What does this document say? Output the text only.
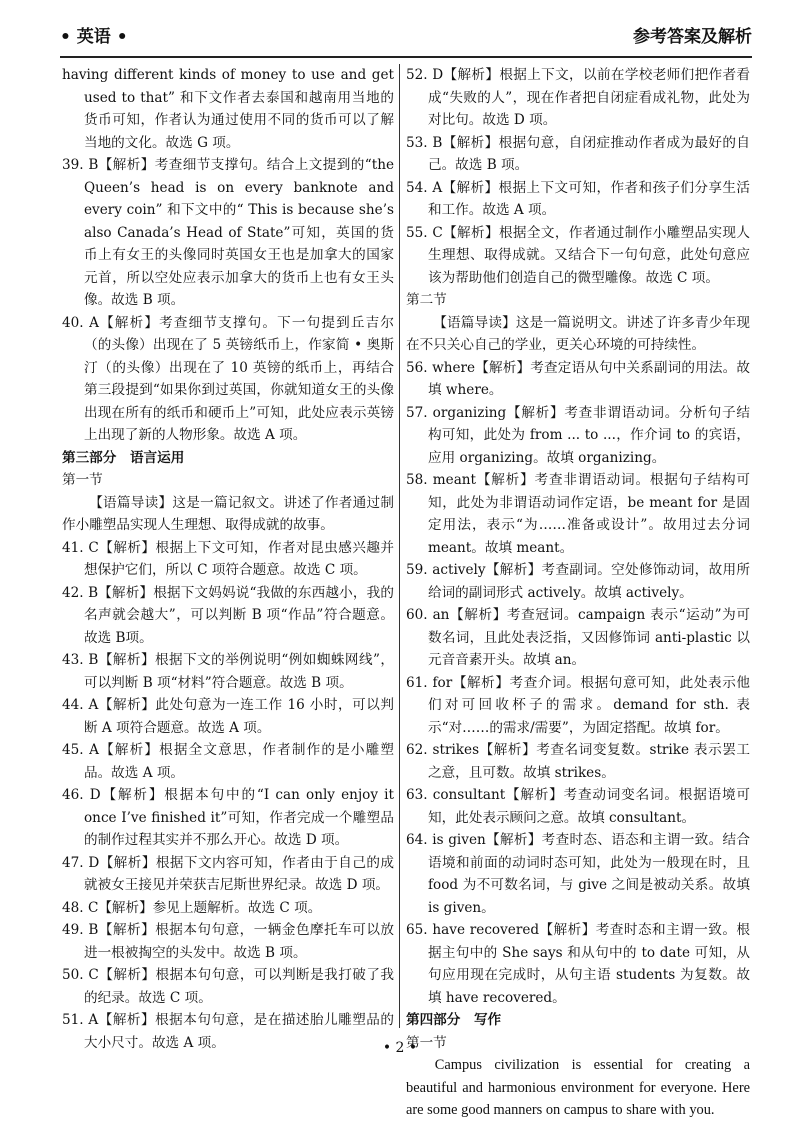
• 英语 •	参考答案及解析

having different kinds of money to use and get used to that” 和下文作者去泰国和越南用当地的货币可知，作者认为通过使用不同的货币可以了解当地的文化。故选 G 项。

39. B【解析】考查细节支撑句。结合上文提到的“the Queen’s head is on every banknote and every coin” 和下文中的“ This is because she’s also Canada’s Head of State”可知，英国的货币上有女王的头像同时英国女王也是加拿大的国家元首，所以空处应表示加拿大的货币上也有女王头像。故选 B 项。

40. A【解析】考查细节支撑句。下一句提到丘吉尔（的头像）出现在了 5 英镑纸币上，作家简 • 奥斯汀（的头像）出现在了 10 英镑的纸币上，再结合第三段提到“如果你到过英国，你就知道女王的头像出现在所有的纸币和硬币上”可知，此处应表示英镑上出现了新的人物形象。故选 A 项。

第三部分　语言运用

第一节

【语篇导读】这是一篇记叙文。讲述了作者通过制作小雕塑品实现人生理想、取得成就的故事。

41. C【解析】根据上下文可知，作者对昆虫感兴趣并想保护它们，所以 C 项符合题意。故选 C 项。

42. B【解析】根据下文妈妈说“我做的东西越小，我的名声就会越大”，可以判断 B 项“作品”符合题意。故选 B项。

43. B【解析】根据下文的举例说明“例如蜘蛛网线”，可以判断 B 项“材料”符合题意。故选 B 项。

44. A【解析】此处句意为一连工作 16 小时，可以判断 A 项符合题意。故选 A 项。

45. A【解析】根据全文意思，作者制作的是小雕塑品。故选 A 项。

46. D【解析】根据本句中的“I can only enjoy it once I’ve finished it”可知，作者完成一个雕塑品的制作过程其实并不那么开心。故选 D 项。

47. D【解析】根据下文内容可知，作者由于自己的成就被女王接见并荣获吉尼斯世界纪录。故选 D 项。

48. C【解析】参见上题解析。故选 C 项。

49. B【解析】根据本句句意，一辆金色摩托车可以放进一根被掏空的头发中。故选 B 项。

50. C【解析】根据本句句意，可以判断是我打破了我的纪录。故选 C 项。

51. A【解析】根据本句句意，是在描述胎儿雕塑品的大小尺寸。故选 A 项。

52. D【解析】根据上下文，以前在学校老师们把作者看成“失败的人”，现在作者把自闭症看成礼物，此处为对比句。故选 D 项。

53. B【解析】根据句意，自闭症推动作者成为最好的自己。故选 B 项。

54. A【解析】根据上下文可知，作者和孩子们分享生活和工作。故选 A 项。

55. C【解析】根据全文，作者通过制作小雕塑品实现人生理想、取得成就。又结合下一句句意，此处句意应该为帮助他们创造自己的微型雕像。故选 C 项。

第二节

【语篇导读】这是一篇说明文。讲述了许多青少年现在不只关心自己的学业，更关心环境的可持续性。

56. where【解析】考查定语从句中关系副词的用法。故填 where。

57. organizing【解析】考查非谓语动词。分析句子结构可知，此处为 from ... to ...，作介词 to 的宾语，应用 organizing。故填 organizing。

58. meant【解析】考查非谓语动词。根据句子结构可知，此处为非谓语动词作定语，be meant for 是固定用法，表示“为……准备或设计”。故用过去分词 meant。故填 meant。

59. actively【解析】考查副词。空处修饰动词，故用所给词的副词形式 actively。故填 actively。

60. an【解析】考查冠词。campaign 表示“运动”为可数名词，且此处表泛指，又因修饰词 anti-plastic 以元音音素开头。故填 an。

61. for【解析】考查介词。根据句意可知，此处表示他们对可回收杯子的需求。demand for sth. 表示“对……的需求/需要”，为固定搭配。故填 for。

62. strikes【解析】考查名词变复数。strike 表示罢工之意，且可数。故填 strikes。

63. consultant【解析】考查动词变名词。根据语境可知，此处表示顾问之意。故填 consultant。

64. is given【解析】考查时态、语态和主谓一致。结合语境和前面的动词时态可知，此处为一般现在时，且 food 为不可数名词，与 give 之间是被动关系。故填 is given。

65. have recovered【解析】考查时态和主谓一致。根据主句中的 She says 和从句中的 to date 可知，从句应用现在完成时，从句主语 students 为复数。故填 have recovered。

第四部分　写作

第一节

Campus civilization is essential for creating a beautiful and harmonious environment for everyone. Here are some good manners on campus to share with you.

• 2 •
